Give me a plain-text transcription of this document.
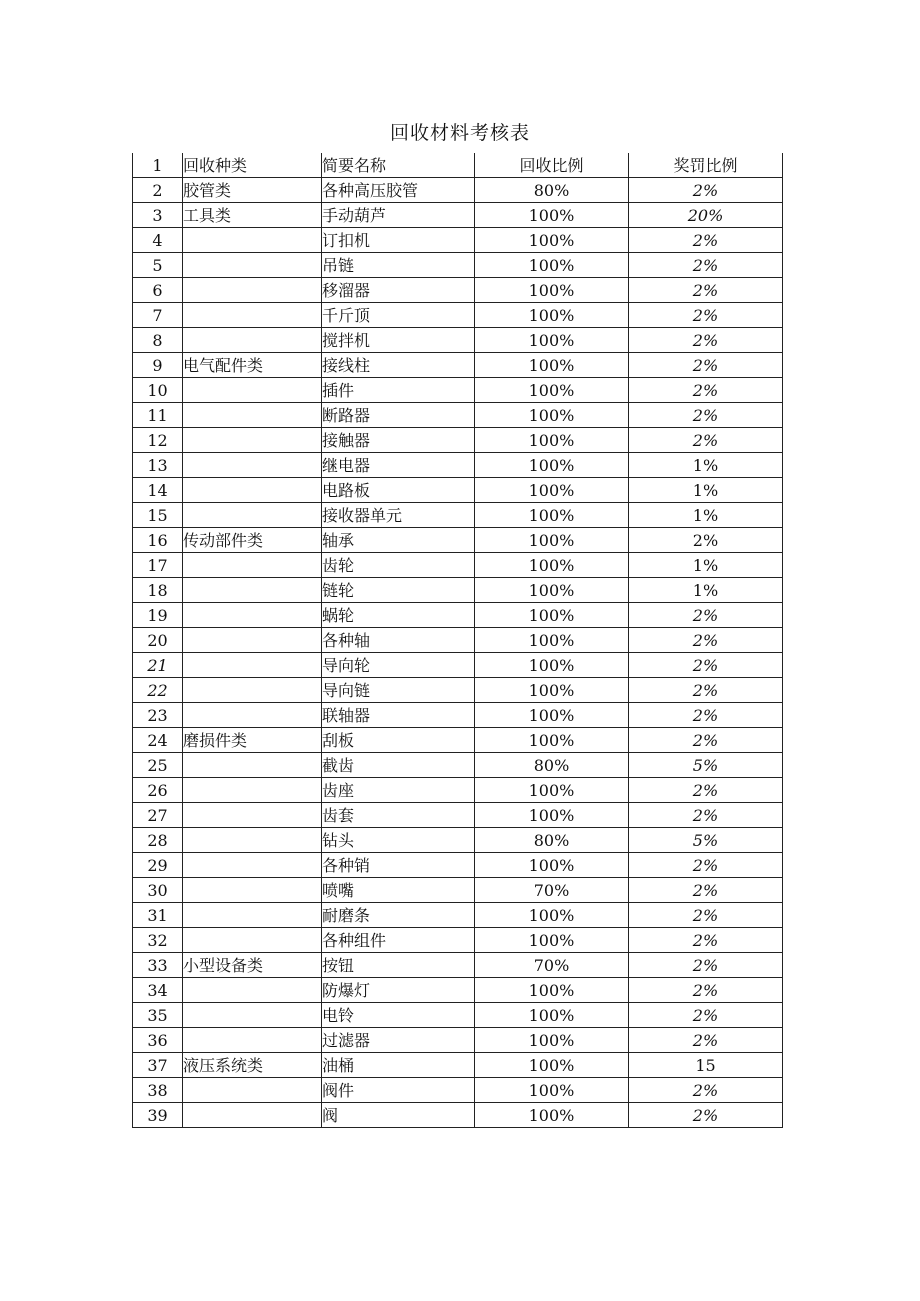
回收材料考核表
1	回收种类	简要名称	回收比例	奖罚比例
2	胶管类	各种高压胶管	80%	2%
3	工具类	手动葫芦	100%	20%
4		订扣机	100%	2%
5		吊链	100%	2%
6		移溜器	100%	2%
7		千斤顶	100%	2%
8		搅拌机	100%	2%
9	电气配件类	接线柱	100%	2%
10		插件	100%	2%
11		断路器	100%	2%
12		接触器	100%	2%
13		继电器	100%	1%
14		电路板	100%	1%
15		接收器单元	100%	1%
16	传动部件类	轴承	100%	2%
17		齿轮	100%	1%
18		链轮	100%	1%
19		蜗轮	100%	2%
20		各种轴	100%	2%
21		导向轮	100%	2%
22		导向链	100%	2%
23		联轴器	100%	2%
24	磨损件类	刮板	100%	2%
25		截齿	80%	5%
26		齿座	100%	2%
27		齿套	100%	2%
28		钻头	80%	5%
29		各种销	100%	2%
30		喷嘴	70%	2%
31		耐磨条	100%	2%
32		各种组件	100%	2%
33	小型设备类	按钮	70%	2%
34		防爆灯	100%	2%
35		电铃	100%	2%
36		过滤器	100%	2%
37	液压系统类	油桶	100%	15
38		阀件	100%	2%
39		阀	100%	2%
